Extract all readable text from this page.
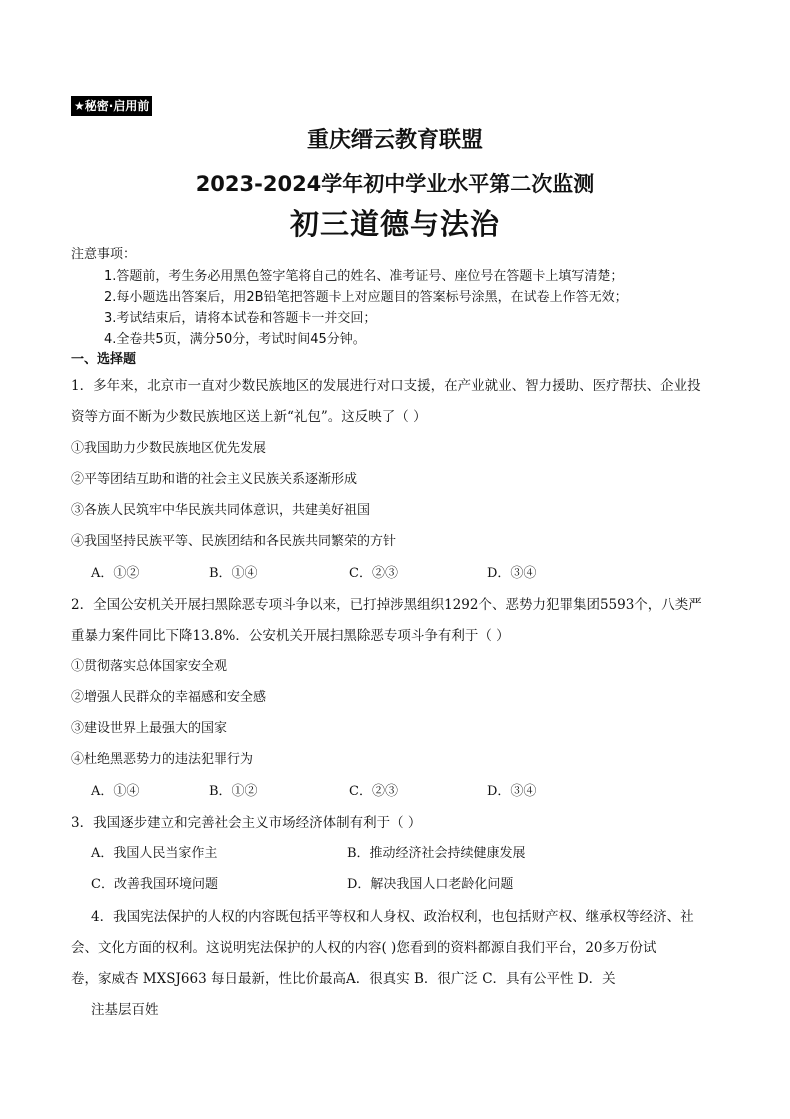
★秘密·启用前
重庆缙云教育联盟
2023-2024学年初中学业水平第二次监测
初三道德与法治
注意事项：
1.答题前，考生务必用黑色签字笔将自己的姓名、准考证号、座位号在答题卡上填写清楚；
2.每小题选出答案后，用2B铅笔把答题卡上对应题目的答案标号涂黑，在试卷上作答无效；
3.考试结束后，请将本试卷和答题卡一并交回；
4.全卷共5页，满分50分，考试时间45分钟。
一、选择题
1．多年来，北京市一直对少数民族地区的发展进行对口支援，在产业就业、智力援助、医疗帮扶、企业投
资等方面不断为少数民族地区送上新“礼包”。这反映了（ ）
①我国助力少数民族地区优先发展
②平等团结互助和谐的社会主义民族关系逐渐形成
③各族人民筑牢中华民族共同体意识，共建美好祖国
④我国坚持民族平等、民族团结和各民族共同繁荣的方针
A．①②	B．①④	C．②③	D．③④
2．全国公安机关开展扫黑除恶专项斗争以来，已打掉涉黑组织1292个、恶势力犯罪集团5593个，八类严
重暴力案件同比下降13.8%．公安机关开展扫黑除恶专项斗争有利于（ ）
①贯彻落实总体国家安全观
②增强人民群众的幸福感和安全感
③建设世界上最强大的国家
④杜绝黑恶势力的违法犯罪行为
A．①④	B．①②	C．②③	D．③④
3．我国逐步建立和完善社会主义市场经济体制有利于（ ）
A．我国人民当家作主	B．推动经济社会持续健康发展
C．改善我国环境问题	D．解决我国人口老龄化问题
4．我国宪法保护的人权的内容既包括平等权和人身权、政治权利，也包括财产权、继承权等经济、社
会、文化方面的权利。这说明宪法保护的人权的内容( )您看到的资料都源自我们平台，20多万份试
卷，家威杏 MXSJ663 每日最新，性比价最高A．很真实 B．很广泛 C．具有公平性 D．关
注基层百姓
